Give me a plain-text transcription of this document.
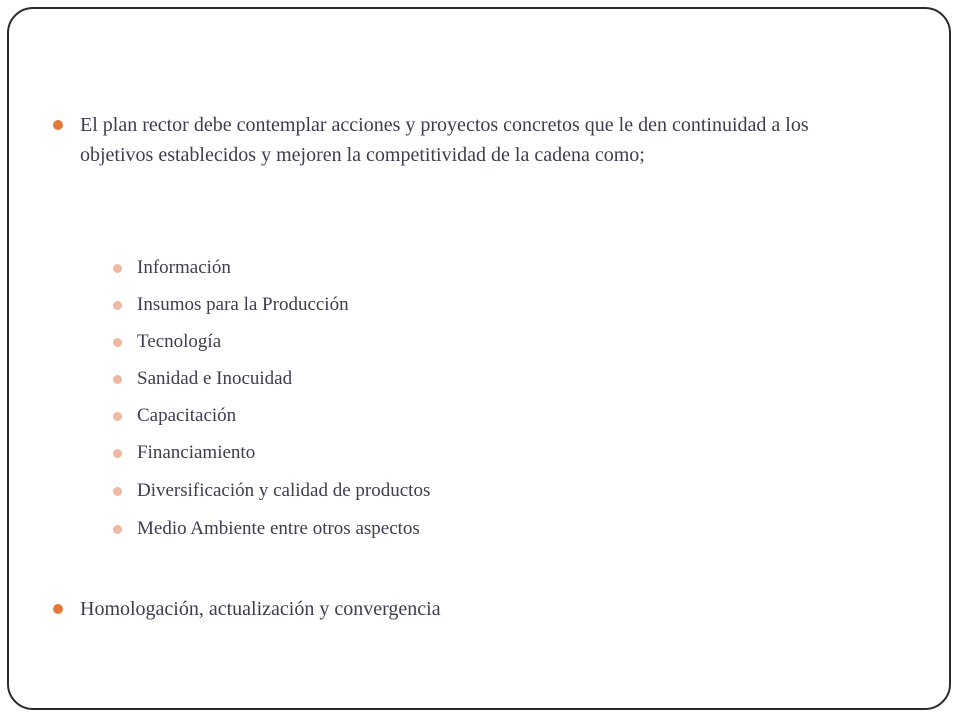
El plan rector debe contemplar acciones y proyectos concretos que le den continuidad a los objetivos establecidos y mejoren la competitividad de la cadena como;
Información
Insumos para la Producción
Tecnología
Sanidad e Inocuidad
Capacitación
Financiamiento
Diversificación y calidad de productos
Medio Ambiente entre otros aspectos
Homologación, actualización y convergencia
